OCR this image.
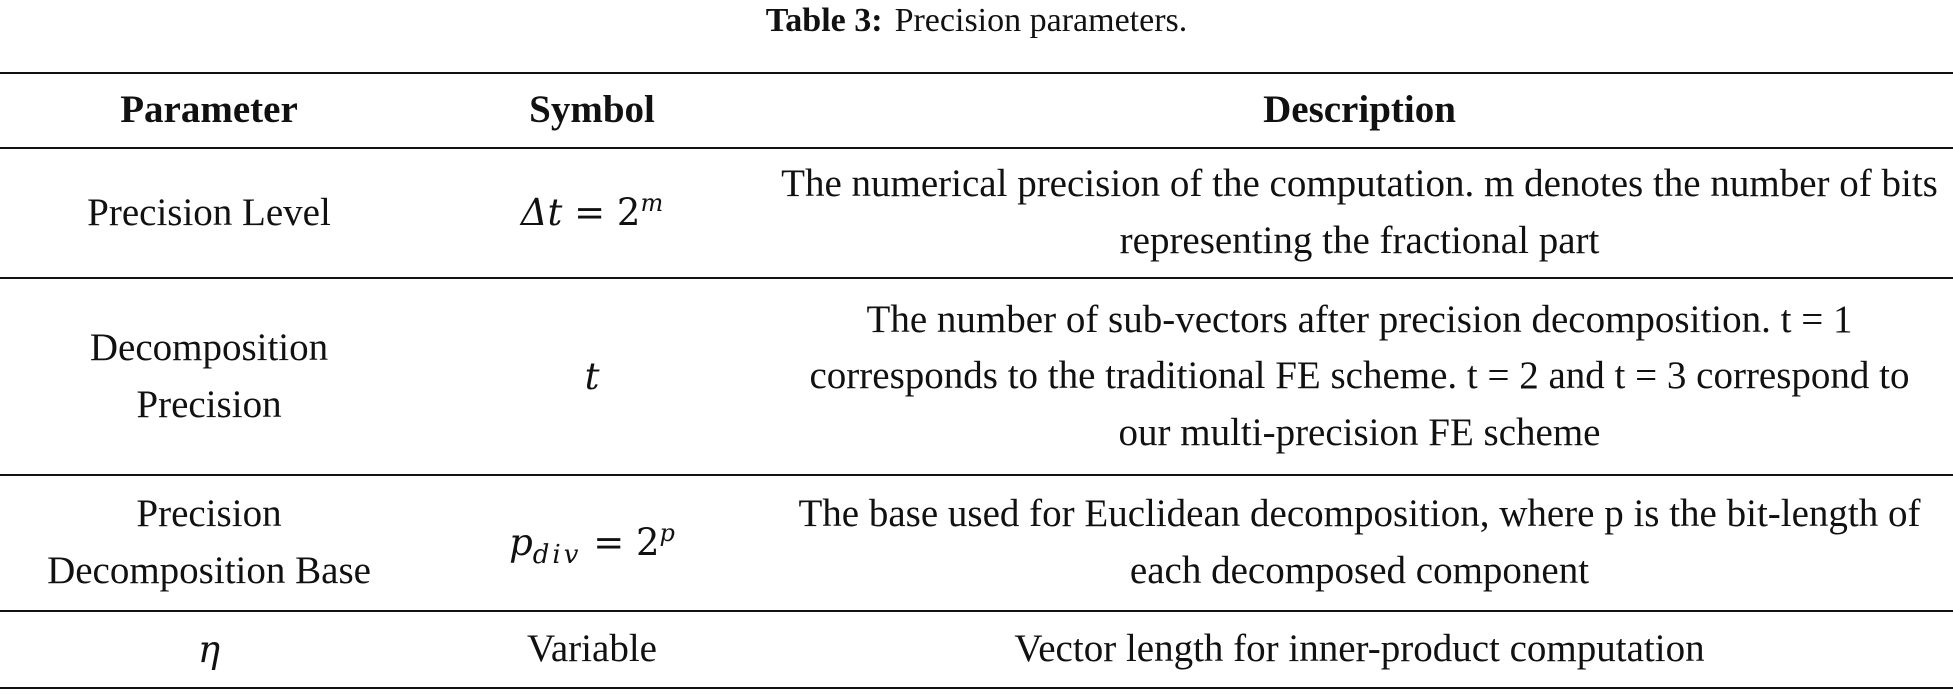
Table 3: Precision parameters.
Parameter	Symbol	Description
Precision Level	$\Delta t = 2^m$	The numerical precision of the computation. m denotes the number of bits representing the fractional part
Decomposition Precision	t	The number of sub-vectors after precision decomposition. t = 1 corresponds to the traditional FE scheme. t = 2 and t = 3 correspond to our multi-precision FE scheme
Precision Decomposition Base	$p_{div} = 2^p$	The base used for Euclidean decomposition, where p is the bit-length of each decomposed component
η	Variable	Vector length for inner-product computation
